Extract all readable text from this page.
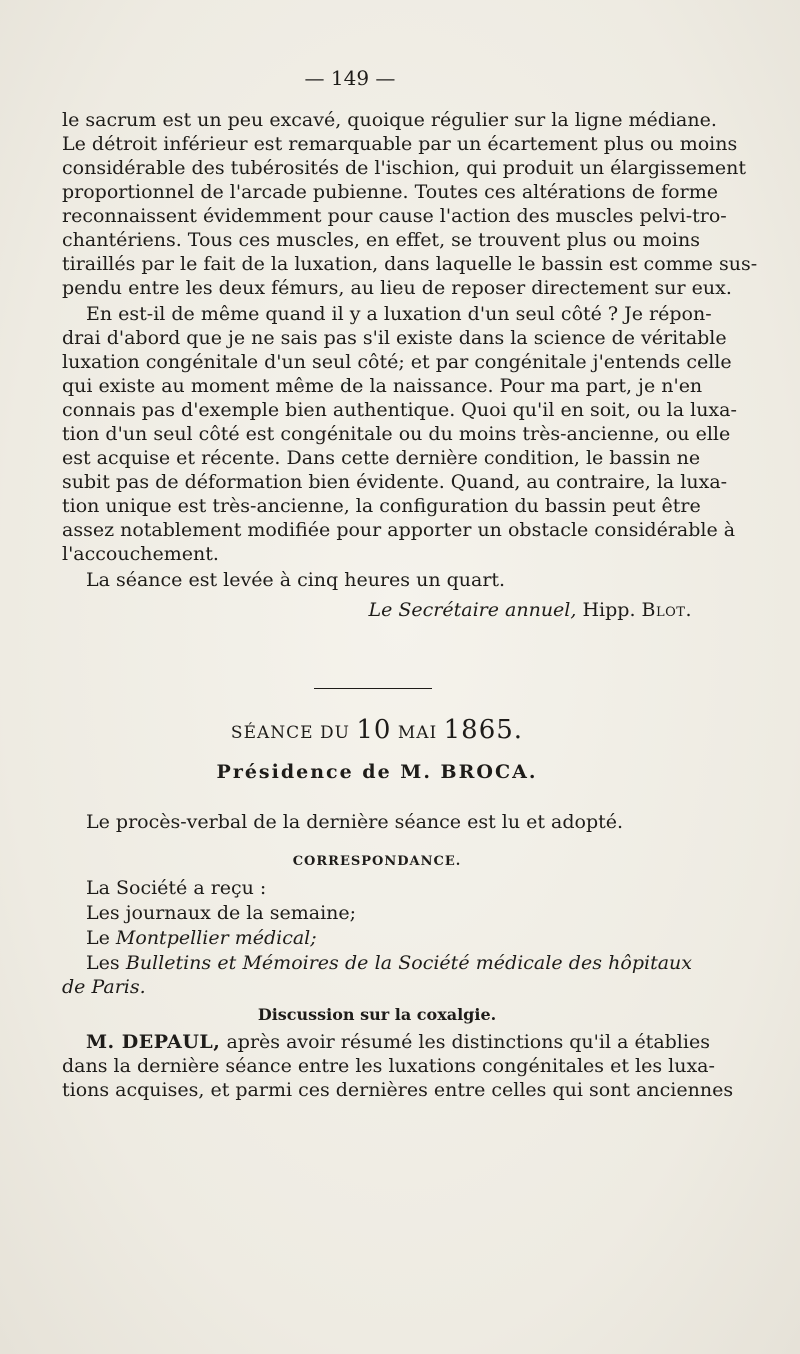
— 149 —
le sacrum est un peu excavé, quoique régulier sur la ligne médiane.
Le détroit inférieur est remarquable par un écartement plus ou moins
considérable des tubérosités de l'ischion, qui produit un élargissement
proportionnel de l'arcade pubienne. Toutes ces altérations de forme
reconnaissent évidemment pour cause l'action des muscles pelvi-tro-
chantériens. Tous ces muscles, en effet, se trouvent plus ou moins
tiraillés par le fait de la luxation, dans laquelle le bassin est comme sus-
pendu entre les deux fémurs, au lieu de reposer directement sur eux.
En est-il de même quand il y a luxation d'un seul côté ? Je répon-
drai d'abord que je ne sais pas s'il existe dans la science de véritable
luxation congénitale d'un seul côté; et par congénitale j'entends celle
qui existe au moment même de la naissance. Pour ma part, je n'en
connais pas d'exemple bien authentique. Quoi qu'il en soit, ou la luxa-
tion d'un seul côté est congénitale ou du moins très-ancienne, ou elle
est acquise et récente. Dans cette dernière condition, le bassin ne
subit pas de déformation bien évidente. Quand, au contraire, la luxa-
tion unique est très-ancienne, la configuration du bassin peut être
assez notablement modifiée pour apporter un obstacle considérable à
l'accouchement.
La séance est levée à cinq heures un quart.
Le Secrétaire annuel, Hipp. Blot.
SÉANCE DU 10 MAI 1865.
Présidence de M. BROCA.
Le procès-verbal de la dernière séance est lu et adopté.
CORRESPONDANCE.
La Société a reçu :
Les journaux de la semaine;
Le Montpellier médical;
Les Bulletins et Mémoires de la Société médicale des hôpitaux
de Paris.
Discussion sur la coxalgie.
M. DEPAUL, après avoir résumé les distinctions qu'il a établies
dans la dernière séance entre les luxations congénitales et les luxa-
tions acquises, et parmi ces dernières entre celles qui sont anciennes
